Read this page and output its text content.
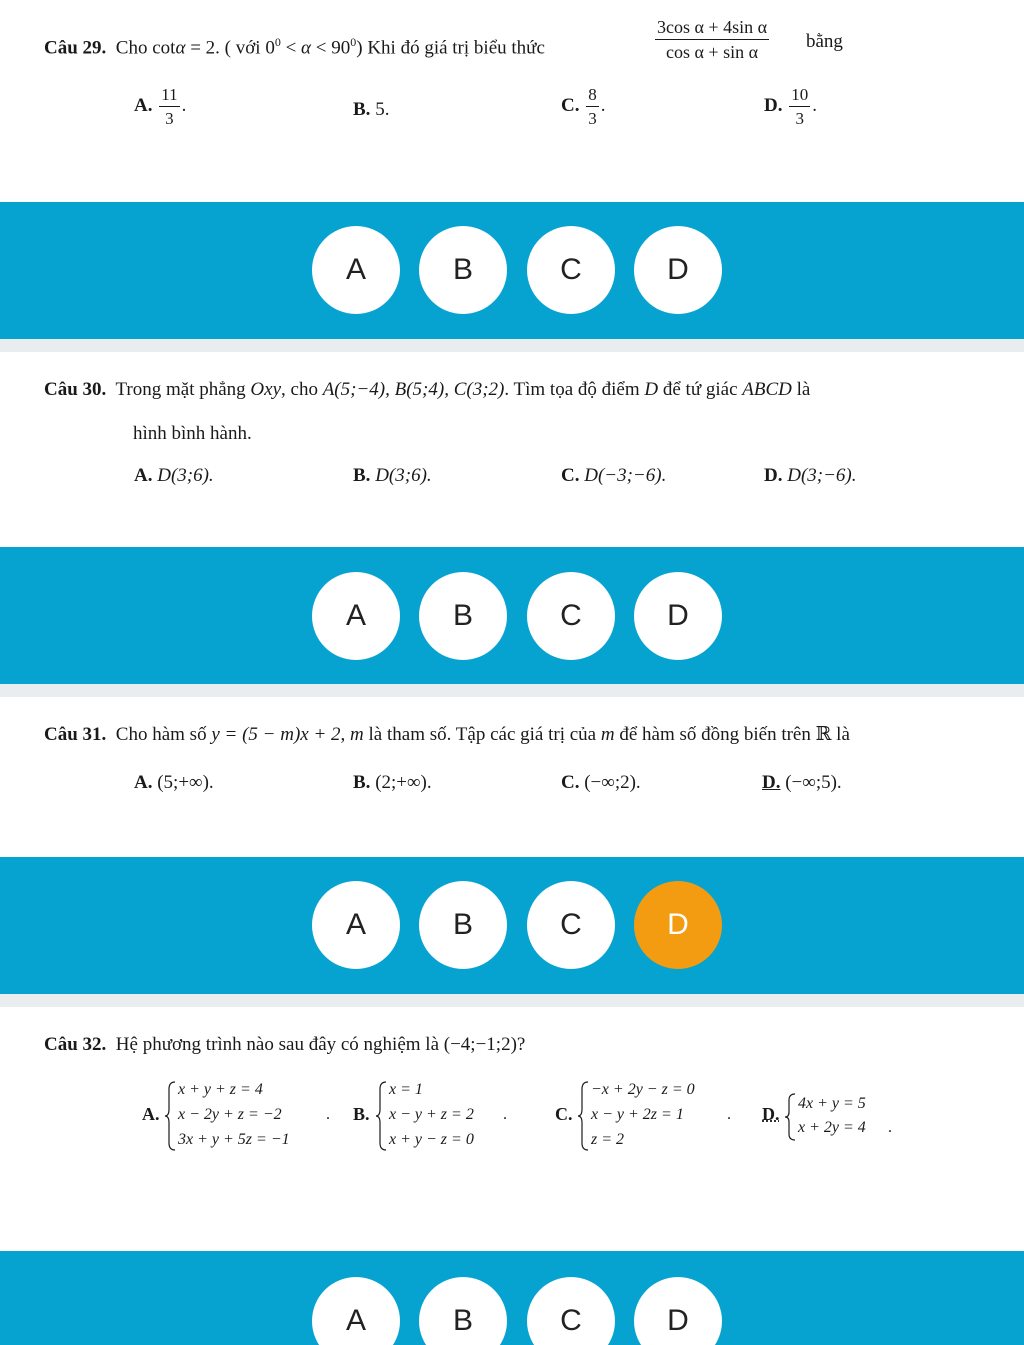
Câu 29. Cho cotα = 2. ( với $0^0 < \alpha < 90^0$) Khi đó giá trị biểu thức	$\frac{\text{3cos α + 4sin α}}{\text{cos α + sin α}}$ bằng
A. $\frac{11}{3}$ .	B. 5.	C. $\frac{8}{3}$ .	D. $\frac{10}{3}$ .
A	B	C	D
Câu 30. Trong mặt phẳng Oxy, cho A(5;−4), B(5;4), C(3;2). Tìm tọa độ điểm D để tứ giác ABCD là
hình bình hành.
A. D(3;6).	B. D(3;6).	C. D(−3;−6).	D. D(3;−6).
A	B	C	D
Câu 31. Cho hàm số y = (5 − m)x + 2, m là tham số. Tập các giá trị của m để hàm số đồng biến trên ℝ là
A. (5;+∞).	B. (2;+∞).	C. (−∞;2).	D. (−∞;5).
A	B	C	D
Câu 32. Hệ phương trình nào sau đây có nghiệm là (−4;−1;2)?
A.
x + y + z = 4
x − 2y + z = −2	.
3x + y + 5z = −1
B.
x = 1
x − y + z = 2 .
x + y − z = 0
C.
−x + 2y − z = 0
x − y + 2z = 1	.
z = 2
D.
4x + y = 5
x + 2y = 4 .
A	B	C	D
